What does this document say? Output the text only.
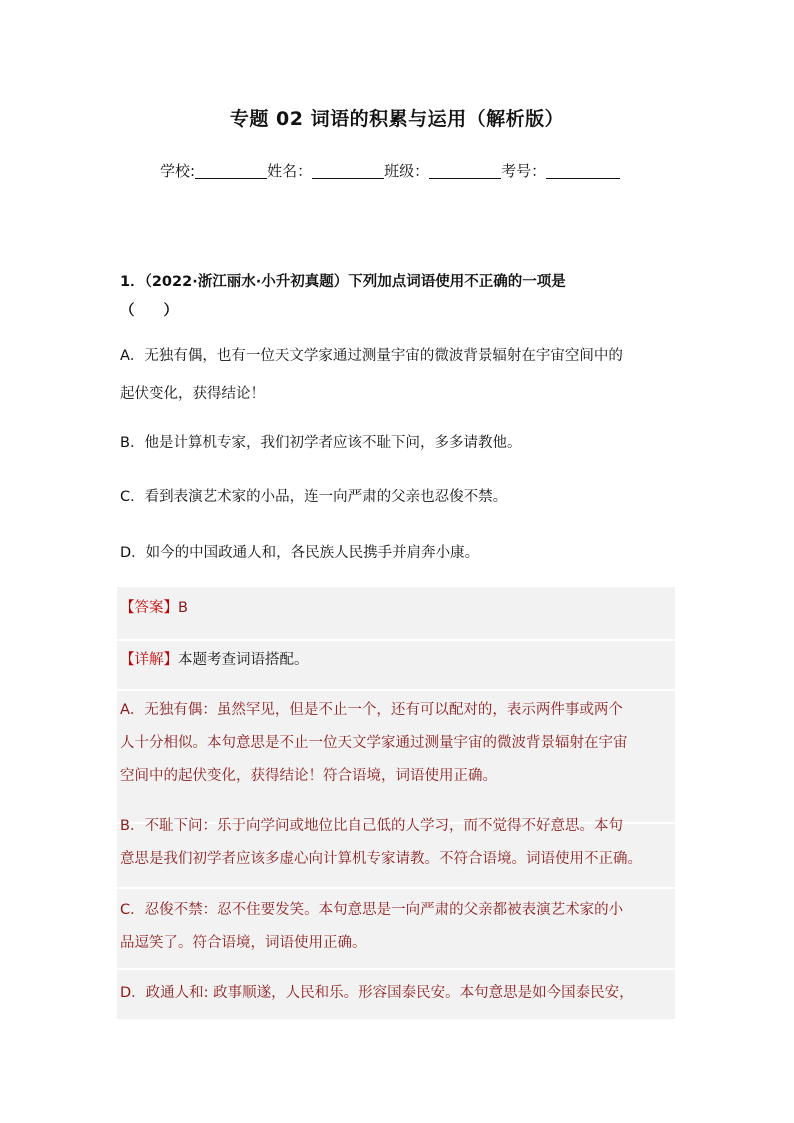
专题 02 词语的积累与运用（解析版）
学校:	姓名：	班级：	考号：
1．（2022·浙江丽水·小升初真题）下列加点词语使用不正确的一项是
（　　）
A．无独有偶，也有一位天文学家通过测量宇宙的微波背景辐射在宇宙空间中的
起伏变化，获得结论！
B．他是计算机专家，我们初学者应该不耻下问，多多请教他。
C．看到表演艺术家的小品，连一向严肃的父亲也忍俊不禁。
D．如今的中国政通人和，各民族人民携手并肩奔小康。
【答案】B
【详解】本题考查词语搭配。
A．无独有偶：虽然罕见，但是不止一个，还有可以配对的，表示两件事或两个
人十分相似。本句意思是不止一位天文学家通过测量宇宙的微波背景辐射在宇宙
空间中的起伏变化，获得结论！符合语境，词语使用正确。
B．不耻下问：乐于向学问或地位比自己低的人学习，而不觉得不好意思。本句
意思是我们初学者应该多虚心向计算机专家请教。不符合语境。词语使用不正确。
C．忍俊不禁：忍不住要发笑。本句意思是一向严肃的父亲都被表演艺术家的小
品逗笑了。符合语境，词语使用正确。
D．政通人和: 政事顺遂，人民和乐。形容国泰民安。本句意思是如今国泰民安，
